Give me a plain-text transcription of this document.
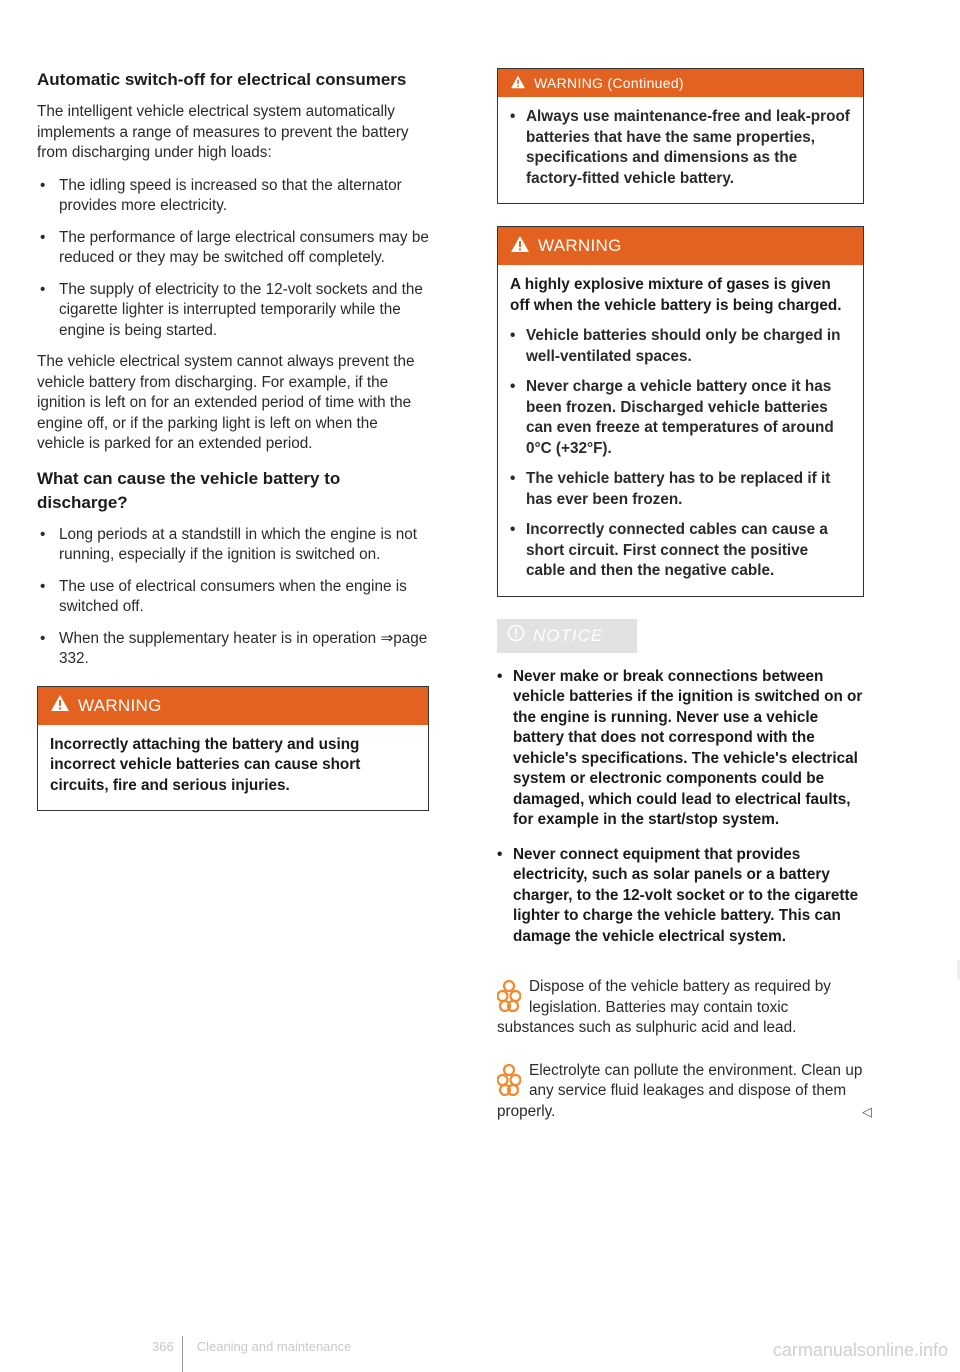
Automatic switch-off for electrical consumers

The intelligent vehicle electrical system automatically implements a range of measures to prevent the battery from discharging under high loads:

• The idling speed is increased so that the alternator provides more electricity.
• The performance of large electrical consumers may be reduced or they may be switched off completely.
• The supply of electricity to the 12-volt sockets and the cigarette lighter is interrupted temporarily while the engine is being started.

The vehicle electrical system cannot always prevent the vehicle battery from discharging. For example, if the ignition is left on for an extended period of time with the engine off, or if the parking light is left on when the vehicle is parked for an extended period.

What can cause the vehicle battery to discharge?
• Long periods at a standstill in which the engine is not running, especially if the ignition is switched on.
• The use of electrical consumers when the engine is switched off.
• When the supplementary heater is in operation ⇒page 332.
WARNING

Incorrectly attaching the battery and using incorrect vehicle batteries can cause short circuits, fire and serious injuries.

WARNING (Continued)
• Always use maintenance-free and leak-proof batteries that have the same properties, specifications and dimensions as the factory-fitted vehicle battery.
WARNING

A highly explosive mixture of gases is given off when the vehicle battery is being charged.

• Vehicle batteries should only be charged in well-ventilated spaces.
• Never charge a vehicle battery once it has been frozen. Discharged vehicle batteries can even freeze at temperatures of around 0°C (+32°F).
• The vehicle battery has to be replaced if it has ever been frozen.
• Incorrectly connected cables can cause a short circuit. First connect the positive cable and then the negative cable.
NOTICE
• Never make or break connections between vehicle batteries if the ignition is switched on or the engine is running. Never use a vehicle battery that does not correspond with the vehicle's specifications. The vehicle's electrical system or electronic components could be damaged, which could lead to electrical faults, for example in the start/stop system.
• Never connect equipment that provides electricity, such as solar panels or a battery charger, to the 12-volt socket or to the cigarette lighter to charge the vehicle battery. This can damage the vehicle electrical system.

Dispose of the vehicle battery as required by legislation. Batteries may contain toxic substances such as sulphuric acid and lead.

Electrolyte can pollute the environment. Clean up any service fluid leakages and dispose of them properly.	◁

366 Cleaning and maintenance	carmanualsonline.info
